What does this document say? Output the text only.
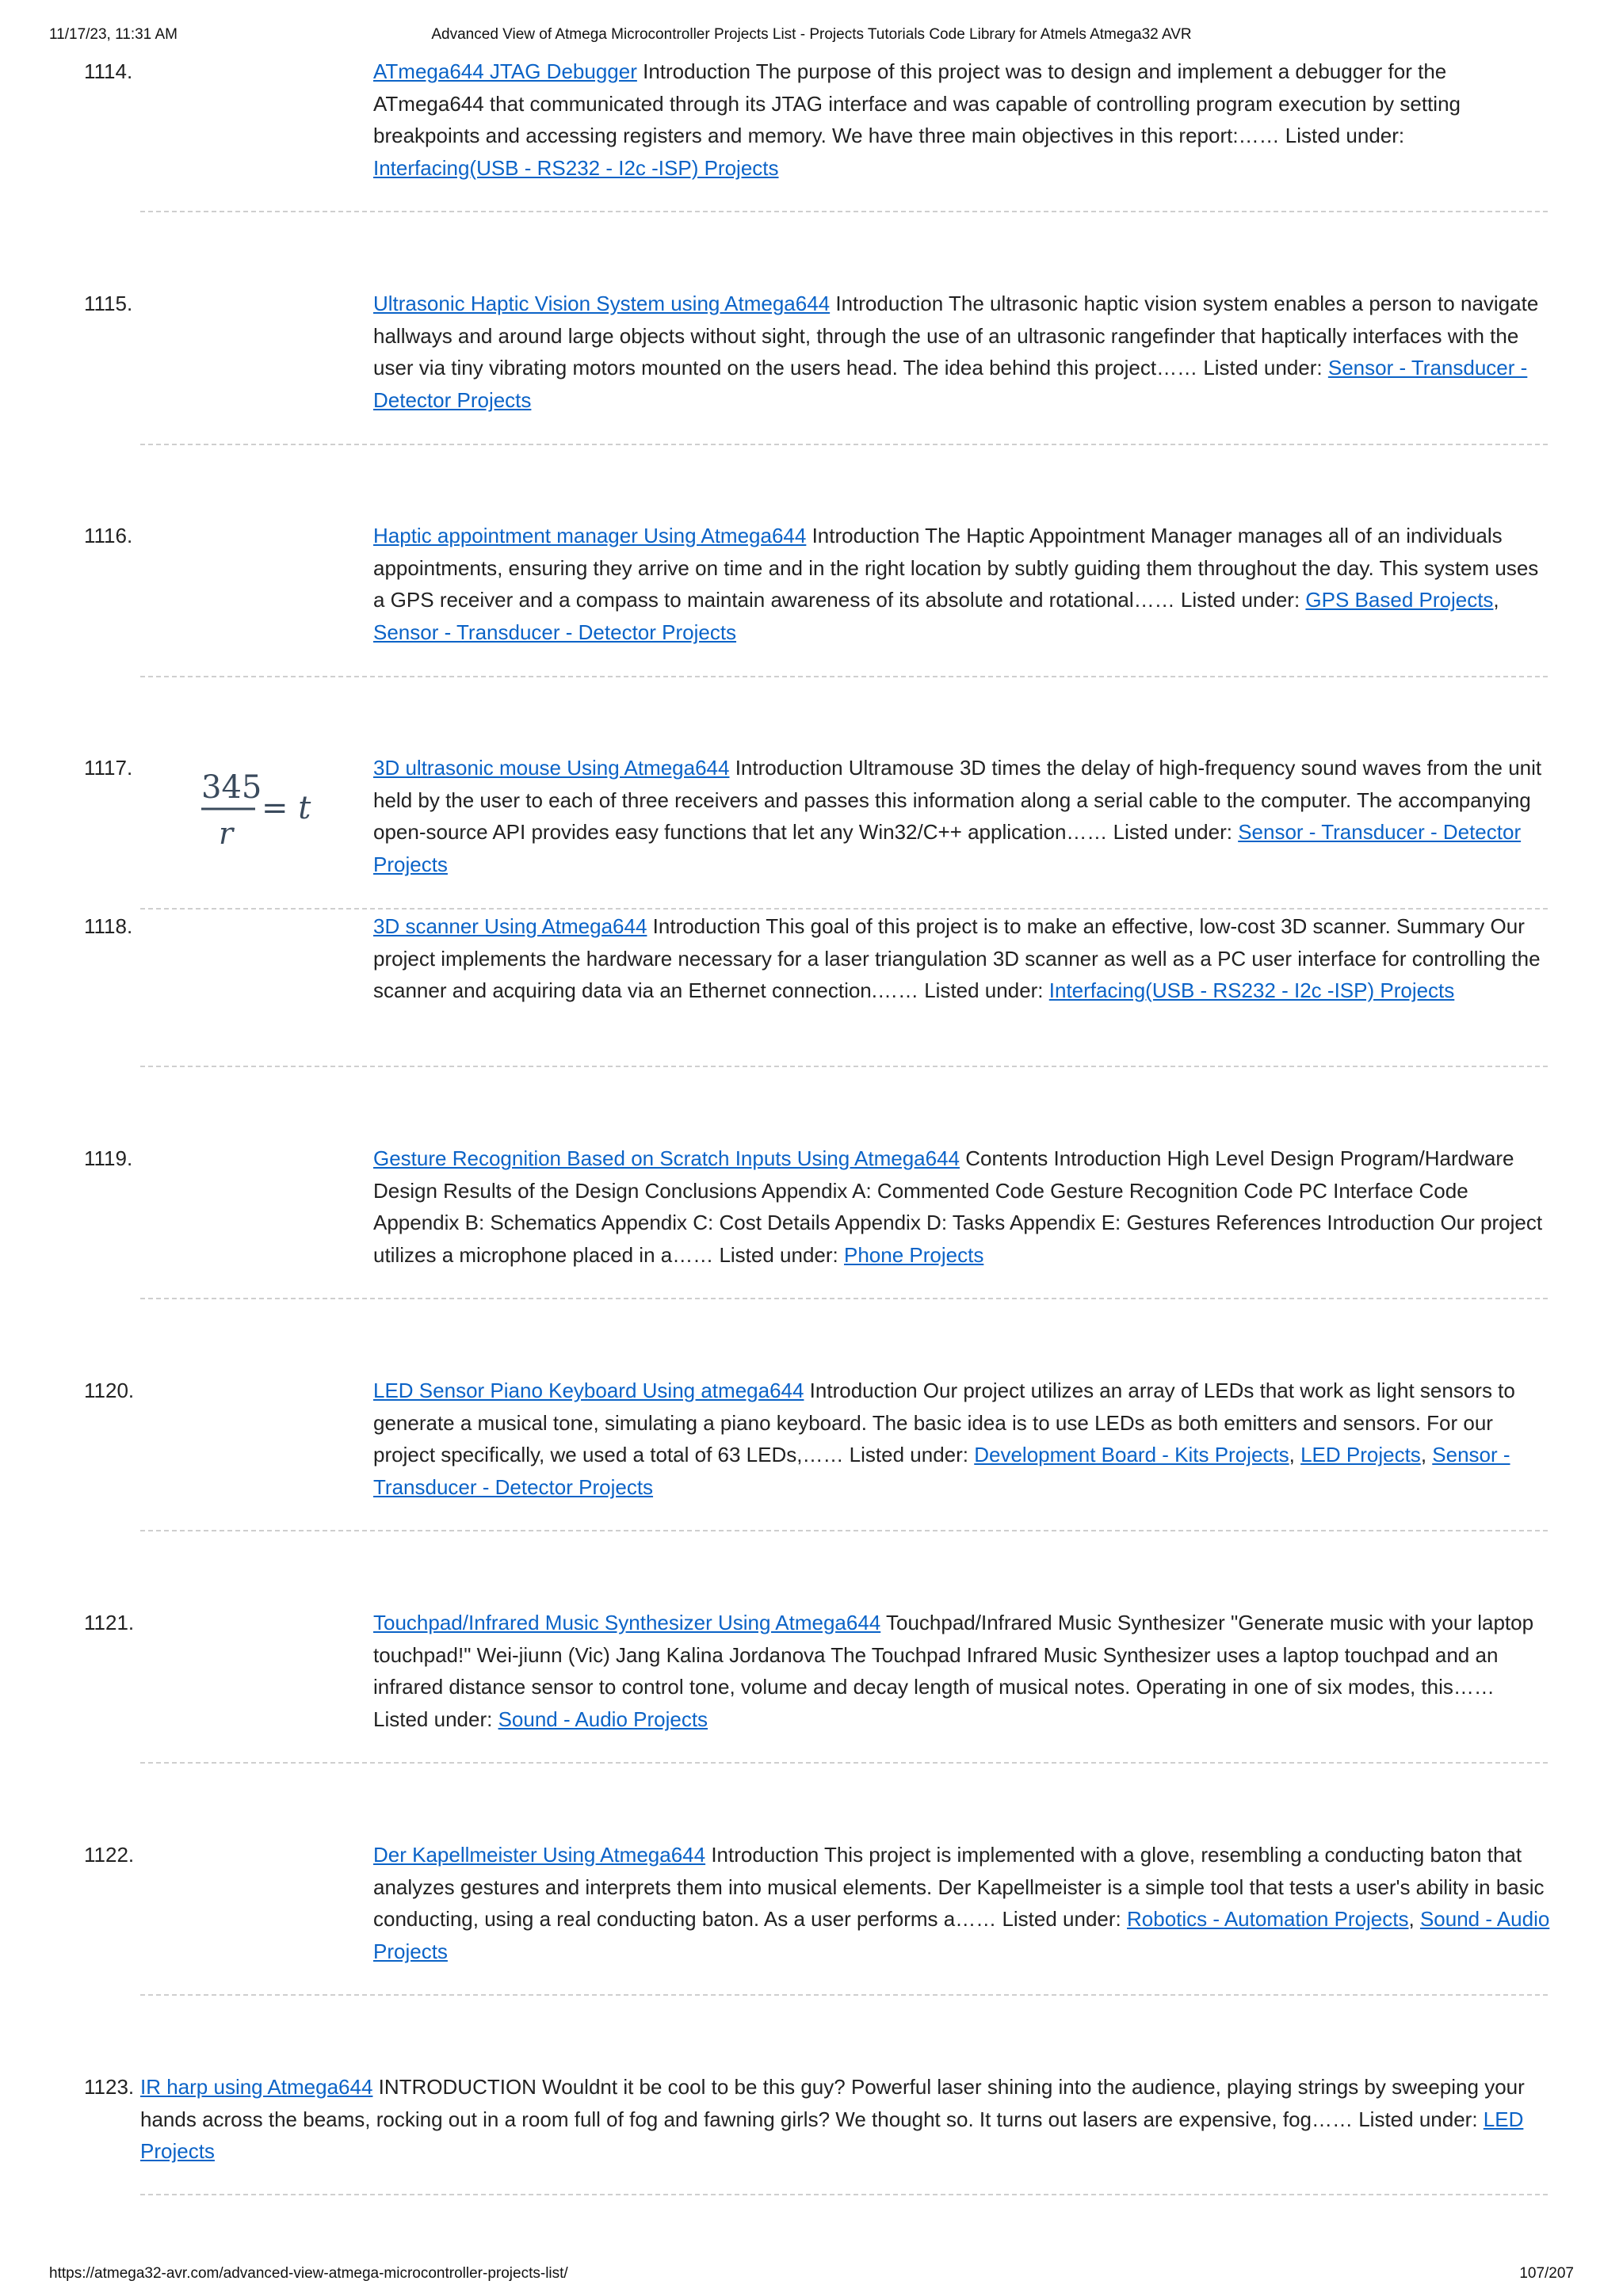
11/17/23, 11:31 AM	Advanced View of Atmega Microcontroller Projects List - Projects Tutorials Code Library for Atmels Atmega32 AVR
1114.	ATmega644 JTAG Debugger Introduction The purpose of this project was to design and implement a debugger for the ATmega644 that communicated through its JTAG interface and was capable of controlling program execution by setting breakpoints and accessing registers and memory. We have three main objectives in this report:…… Listed under: Interfacing(USB - RS232 - I2c -ISP) Projects
1115.	Ultrasonic Haptic Vision System using Atmega644 Introduction The ultrasonic haptic vision system enables a person to navigate hallways and around large objects without sight, through the use of an ultrasonic rangefinder that haptically interfaces with the user via tiny vibrating motors mounted on the users head. The idea behind this project…… Listed under: Sensor - Transducer - Detector Projects
1116.	Haptic appointment manager Using Atmega644 Introduction The Haptic Appointment Manager manages all of an individuals appointments, ensuring they arrive on time and in the right location by subtly guiding them throughout the day. This system uses a GPS receiver and a compass to maintain awareness of its absolute and rotational…… Listed under: GPS Based Projects, Sensor - Transducer - Detector Projects
1117.	3D ultrasonic mouse Using Atmega644 Introduction Ultramouse 3D times the delay of high-frequency sound waves from the unit held by the user to each of three receivers and passes this information along a serial cable to the computer. The accompanying open-source API provides easy functions that let any Win32/C++ application…… Listed under: Sensor - Transducer - Detector Projects
345
r
= t
1118.	3D scanner Using Atmega644 Introduction This goal of this project is to make an effective, low-cost 3D scanner. Summary Our project implements the hardware necessary for a laser triangulation 3D scanner as well as a PC user interface for controlling the scanner and acquiring data via an Ethernet connection.…… Listed under: Interfacing(USB - RS232 - I2c -ISP) Projects
1119.	Gesture Recognition Based on Scratch Inputs Using Atmega644 Contents Introduction High Level Design Program/Hardware Design Results of the Design Conclusions Appendix A: Commented Code Gesture Recognition Code PC Interface Code Appendix B: Schematics Appendix C: Cost Details Appendix D: Tasks Appendix E: Gestures References Introduction Our project utilizes a microphone placed in a…… Listed under: Phone Projects
1120.	LED Sensor Piano Keyboard Using atmega644 Introduction Our project utilizes an array of LEDs that work as light sensors to generate a musical tone, simulating a piano keyboard. The basic idea is to use LEDs as both emitters and sensors. For our project specifically, we used a total of 63 LEDs,…… Listed under: Development Board - Kits Projects, LED Projects, Sensor - Transducer - Detector Projects
1121.	Touchpad/Infrared Music Synthesizer Using Atmega644 Touchpad/Infrared Music Synthesizer "Generate music with your laptop touchpad!" Wei-jiunn (Vic) Jang Kalina Jordanova The Touchpad Infrared Music Synthesizer uses a laptop touchpad and an infrared distance sensor to control tone, volume and decay length of musical notes. Operating in one of six modes, this…… Listed under: Sound - Audio Projects
1122.	Der Kapellmeister Using Atmega644 Introduction This project is implemented with a glove, resembling a conducting baton that analyzes gestures and interprets them into musical elements. Der Kapellmeister is a simple tool that tests a user's ability in basic conducting, using a real conducting baton. As a user performs a…… Listed under: Robotics - Automation Projects, Sound - Audio Projects
1123. IR harp using Atmega644 INTRODUCTION Wouldnt it be cool to be this guy? Powerful laser shining into the audience, playing strings by sweeping your hands across the beams, rocking out in a room full of fog and fawning girls? We thought so. It turns out lasers are expensive, fog…… Listed under: LED Projects
https://atmega32-avr.com/advanced-view-atmega-microcontroller-projects-list/	107/207
